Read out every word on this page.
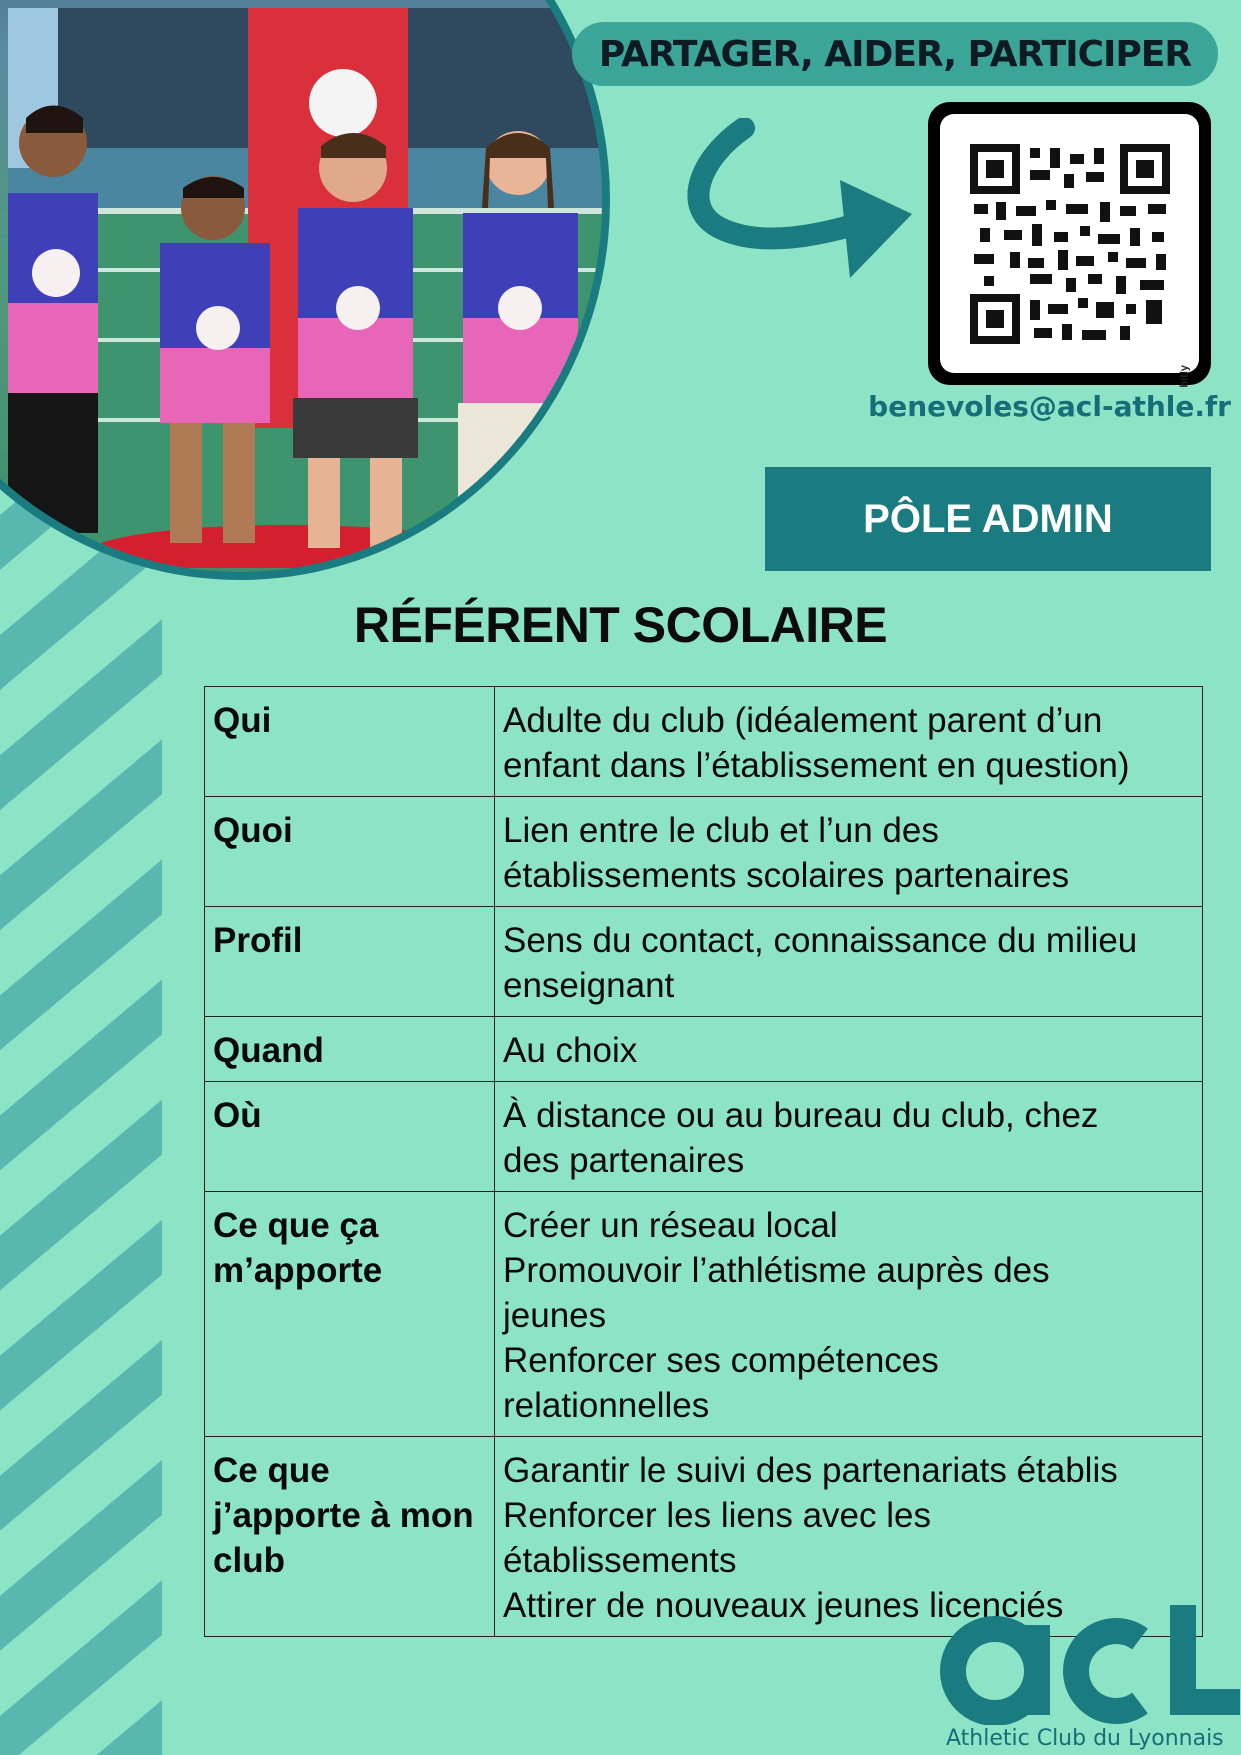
PARTAGER, AIDER, PARTICIPER
bitly
benevoles@acl-athle.fr
PÔLE ADMIN
RÉFÉRENT SCOLAIRE
Qui	Adulte du club (idéalement parent d’un
enfant dans l’établissement en question)

Quoi	Lien entre le club et l’un des
établissements scolaires partenaires

Profil	Sens du contact, connaissance du milieu
enseignant

Quand	Au choix

Où	À distance ou au bureau du club, chez
des partenaires

Ce que ça m’apporte	Créer un réseau local
Promouvoir l’athlétisme auprès des
jeunes
Renforcer ses compétences
relationnelles

Ce que j’apporte à mon club	Garantir le suivi des partenariats établis
Renforcer les liens avec les
établissements
Attirer de nouveaux jeunes licenciés
Athletic Club du Lyonnais
